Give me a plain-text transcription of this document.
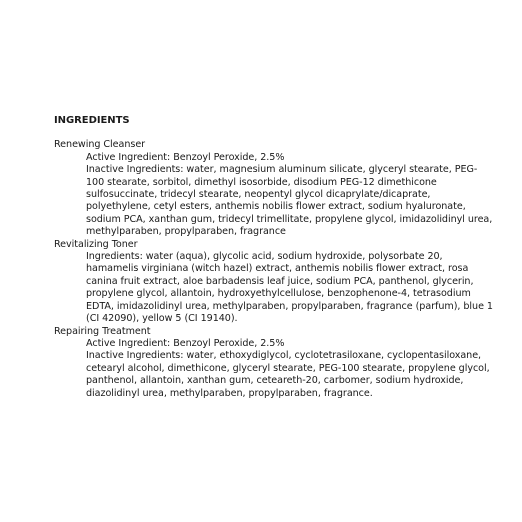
INGREDIENTS
Renewing Cleanser
Active Ingredient: Benzoyl Peroxide, 2.5%
Inactive Ingredients: water, magnesium aluminum silicate, glyceryl stearate, PEG-100 stearate, sorbitol, dimethyl isosorbide, disodium PEG-12 dimethicone sulfosuccinate, tridecyl stearate, neopentyl glycol dicaprylate/dicaprate, polyethylene, cetyl esters, anthemis nobilis flower extract, sodium hyaluronate, sodium PCA, xanthan gum, tridecyl trimellitate, propylene glycol, imidazolidinyl urea, methylparaben, propylparaben, fragrance
Revitalizing Toner
Ingredients: water (aqua), glycolic acid, sodium hydroxide, polysorbate 20, hamamelis virginiana (witch hazel) extract, anthemis nobilis flower extract, rosa canina fruit extract, aloe barbadensis leaf juice, sodium PCA, panthenol, glycerin, propylene glycol, allantoin, hydroxyethylcellulose, benzophenone-4, tetrasodium EDTA, imidazolidinyl urea, methylparaben, propylparaben, fragrance (parfum), blue 1 (CI 42090), yellow 5 (CI 19140).
Repairing Treatment
Active Ingredient: Benzoyl Peroxide, 2.5%
Inactive Ingredients: water, ethoxydiglycol, cyclotetrasiloxane, cyclopentasiloxane, cetearyl alcohol, dimethicone, glyceryl stearate, PEG-100 stearate, propylene glycol, panthenol, allantoin, xanthan gum, ceteareth-20, carbomer, sodium hydroxide, diazolidinyl urea, methylparaben, propylparaben, fragrance.
